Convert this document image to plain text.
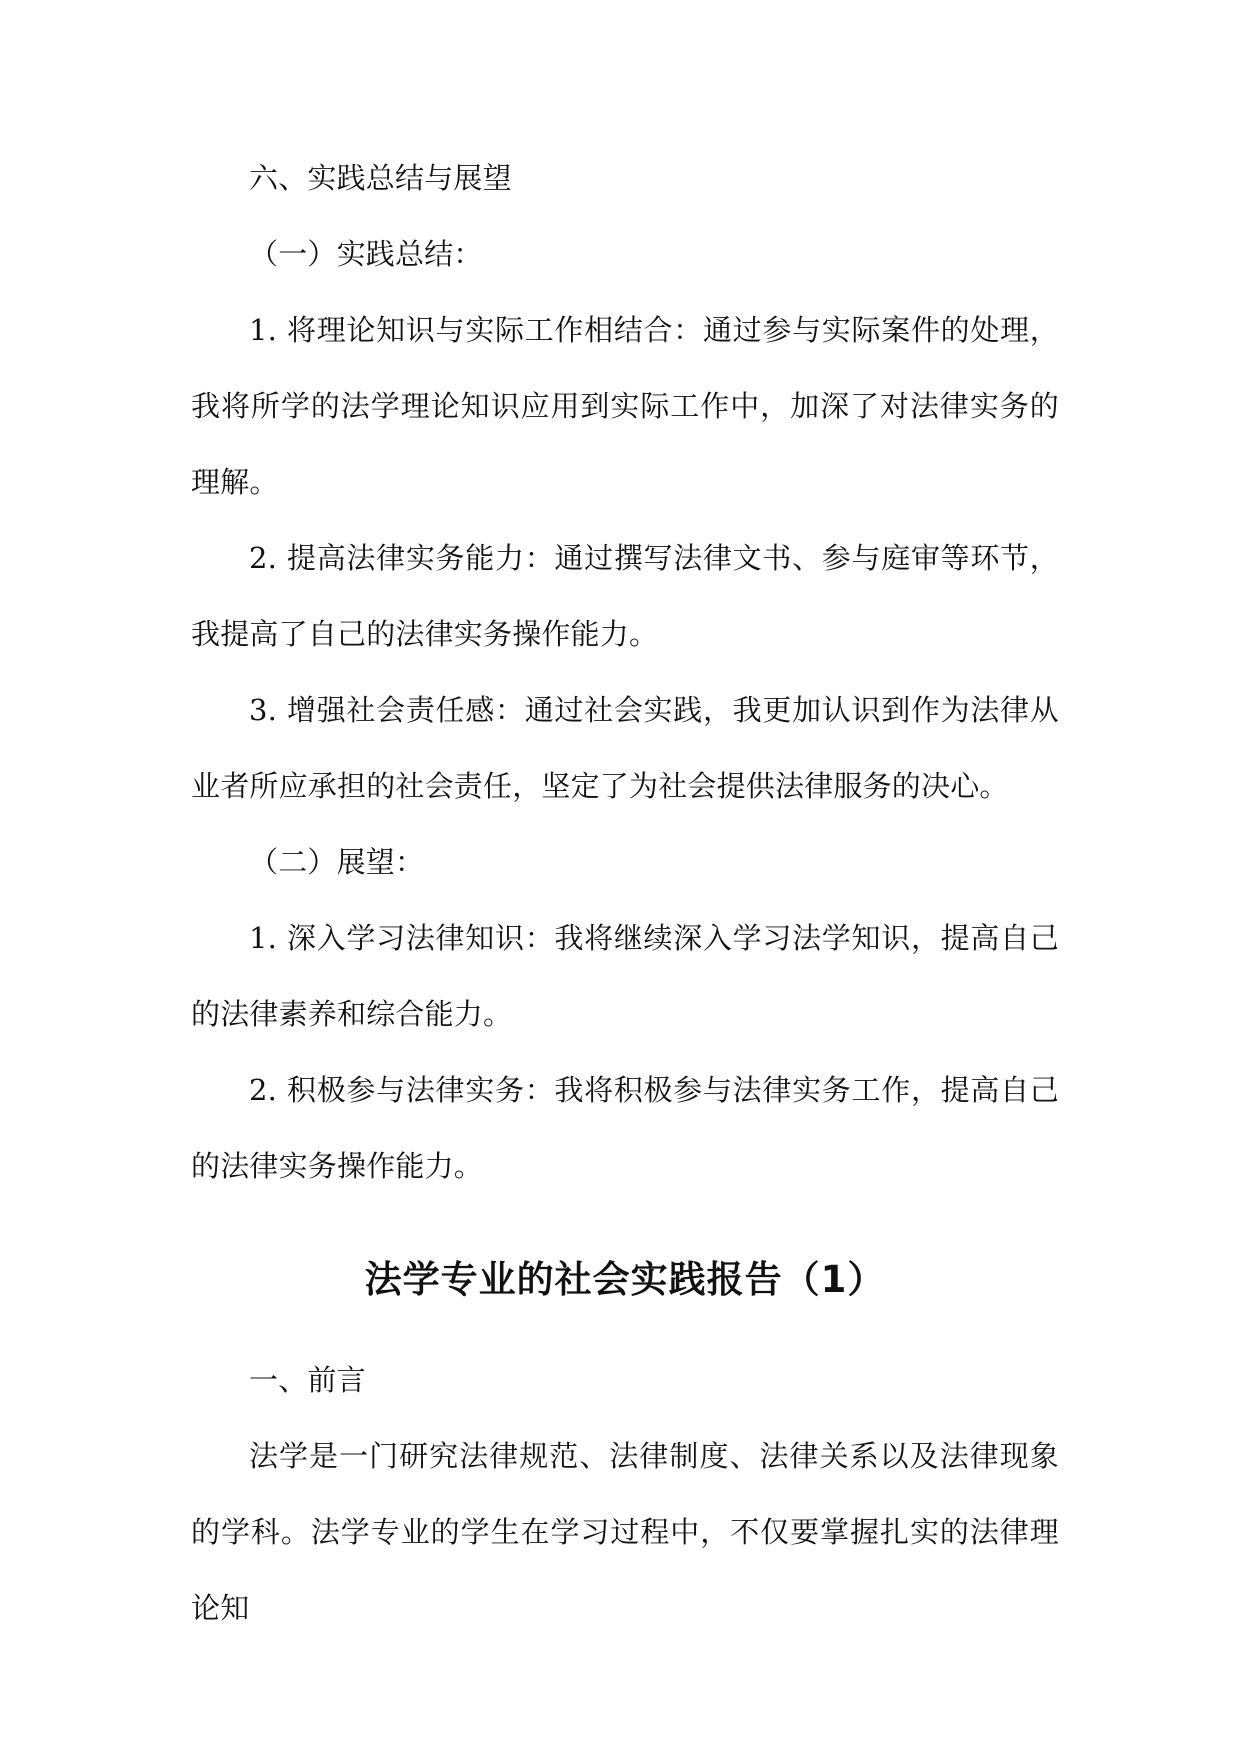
六、实践总结与展望

（一）实践总结：

1. 将理论知识与实际工作相结合：通过参与实际案件的处理，我将所学的法学理论知识应用到实际工作中，加深了对法律实务的理解。

2. 提高法律实务能力：通过撰写法律文书、参与庭审等环节，我提高了自己的法律实务操作能力。

3. 增强社会责任感：通过社会实践，我更加认识到作为法律从业者所应承担的社会责任，坚定了为社会提供法律服务的决心。

（二）展望：

1. 深入学习法律知识：我将继续深入学习法学知识，提高自己的法律素养和综合能力。

2. 积极参与法律实务：我将积极参与法律实务工作，提高自己的法律实务操作能力。

法学专业的社会实践报告（1）

一、前言

法学是一门研究法律规范、法律制度、法律关系以及法律现象的学科。法学专业的学生在学习过程中，不仅要掌握扎实的法律理论知
